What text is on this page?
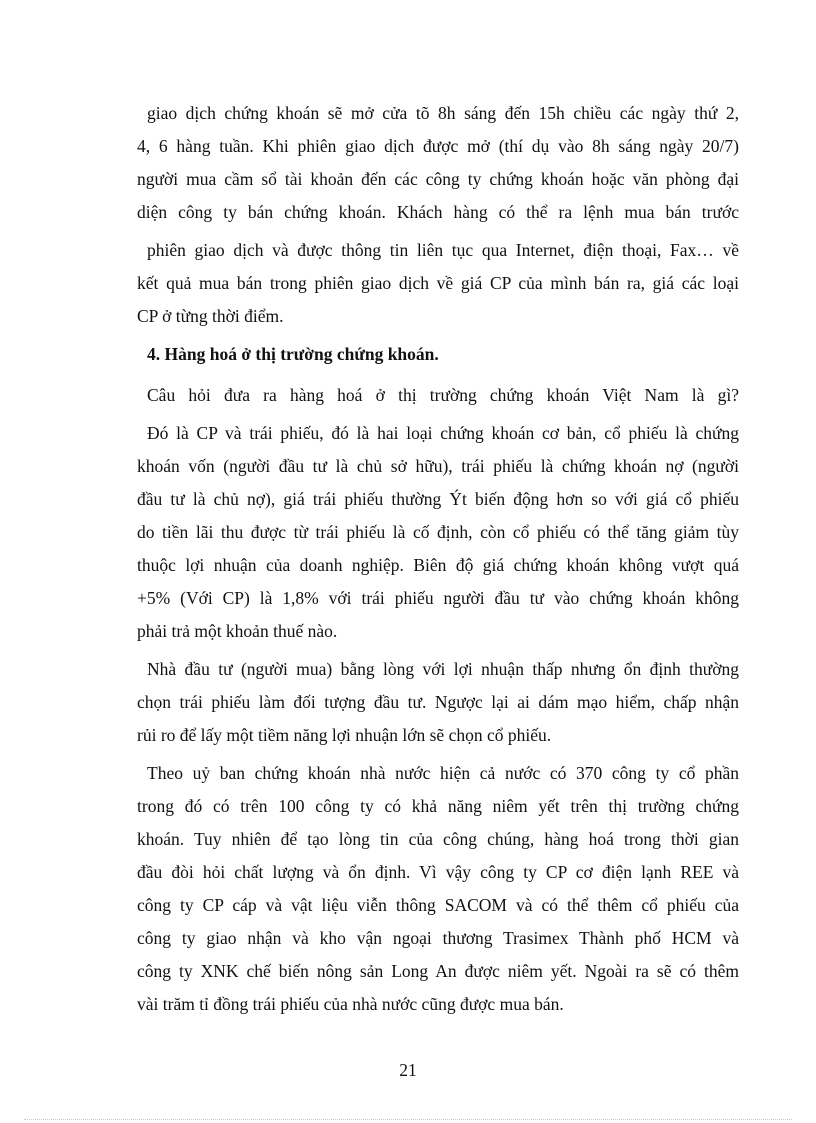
giao dịch chứng khoán sẽ mở cửa tõ 8h sáng đến 15h chiều các ngày thứ 2,
4, 6 hàng tuần. Khi phiên giao dịch được mở (thí dụ vào 8h sáng ngày 20/7)
người mua cầm sổ tài khoản đến các công ty chứng khoán hoặc văn phòng đại
diện công ty bán chứng khoán. Khách hàng có thể ra lệnh mua bán trước
phiên giao dịch và được thông tin liên tục qua Internet, điện thoại, Fax… về
kết quả mua bán trong phiên giao dịch về giá CP của mình bán ra, giá các loại
CP ở từng thời điểm.
4. Hàng hoá ở thị trường chứng khoán.
Câu hỏi đưa ra hàng hoá ở thị trường chứng khoán Việt Nam là gì?
Đó là CP và trái phiếu, đó là hai loại chứng khoán cơ bản, cổ phiếu là chứng
khoán vốn (người đầu tư là chủ sở hữu), trái phiếu là chứng khoán nợ (người
đầu tư là chủ nợ), giá trái phiếu thường Ýt biến động hơn so với giá cổ phiếu
do tiền lãi thu được từ trái phiếu là cố định, còn cổ phiếu có thể tăng giảm tùy
thuộc lợi nhuận của doanh nghiệp. Biên độ giá chứng khoán không vượt quá
+5% (Với CP) là 1,8% với trái phiếu người đầu tư vào chứng khoán không
phải trả một khoản thuế nào.
Nhà đầu tư (người mua) bằng lòng với lợi nhuận thấp nhưng ổn định thường
chọn trái phiếu làm đối tượng đầu tư. Ngược lại ai dám mạo hiểm, chấp nhận
rủi ro để lấy một tiềm năng lợi nhuận lớn sẽ chọn cổ phiếu.
Theo uỷ ban chứng khoán nhà nước hiện cả nước có 370 công ty cổ phần
trong đó có trên 100 công ty có khả năng niêm yết trên thị trường chứng
khoán. Tuy nhiên để tạo lòng tin của công chúng, hàng hoá trong thời gian
đầu đòi hỏi chất lượng và ổn định. Vì vậy công ty CP cơ điện lạnh REE và
công ty CP cáp và vật liệu viễn thông SACOM và có thể thêm cổ phiếu của
công ty giao nhận và kho vận ngoại thương Trasimex Thành phố HCM và
công ty XNK chế biến nông sản Long An được niêm yết. Ngoài ra sẽ có thêm
vài trăm tỉ đồng trái phiếu của nhà nước cũng được mua bán.
21
